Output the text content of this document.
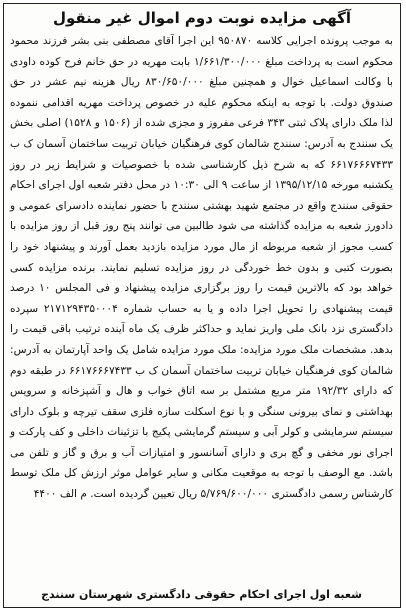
آگهی مزایده نوبت دوم اموال غیر منقول

به موجب پرونده اجرایی کلاسه ۹۵۰۸۷۰ این اجرا آقای مصطفی بنی بشر فرزند محمود محکوم است به پرداخت مبلغ ۱/۶۶۱/۳۰۰/۰۰۰ بابت مهریه در حق خانم فرح کوده داودی با وکالت اسماعیل خوال و همچنین مبلغ ۸۳۰/۶۵۰/۰۰۰ ریال هزینه نیم عشر در حق صندوق دولت. با توجه به اینکه محکوم علیه در خصوص پرداخت مهریه اقدامی ننموده لذا ملک دارای پلاک ثبتی ۳۴۳ فرعی مفروز و مجزی شده از (۱۵۰۶ و ۱۵۲۸) اصلی بخش یک سنندج به آدرس: سنندج شالمان کوی فرهنگیان خیابان تربیت ساختمان آسمان ک ب ۶۶۱۷۶۶۶۷۴۳۳ که به شرح ذیل کارشناسی شده با خصوصیات و شرایط زیر در روز یکشنبه مورخه ۱۳۹۵/۱۲/۱۵ از ساعت ۹ الی ۱۰:۳۰ در محل دفتر شعبه اول اجرای احکام حقوقی سنندج واقع در مجتمع شهید بهشتی سنندج با حضور نماینده دادسرای عمومی و دادورز شعبه به مزایده گذاشته می شود طالبین می توانند پنج روز قبل از روز مزایده با کسب مجوز از شعبه مربوطه از مال مورد مزایده بازدید بعمل آورند و پیشنهاد خود را بصورت کتبی و بدون خط خوردگی در روز مزایده تسلیم نمایند. برنده مزایده کسی خواهد بود که بالاترین قیمت را روز برگزاری مزایده پیشنهاد و فی المجلس ۱۰ درصد قیمت پیشنهادی را تحویل اجرا داده و یا به حساب شماره ۲۱۷۱۲۹۴۳۵۰۰۰۴ سپرده دادگستری نزد بانک ملی واریز نماید و حداکثر ظرف یک ماه آینده ترتیب باقی قیمت را بدهد. مشخصات ملک مورد مزایده: ملک مورد مزایده شامل یک واحد آپارتمان به آدرس: شالمان کوی فرهنگیان خیابان تربیت ساختمان آسمان ک ب ۶۶۱۷۶۶۶۷۴۳۳ در طبقه دوم که دارای ۱۹۲/۳۲ متر مربع مشتمل بر سه اتاق خواب و هال و آشپزخانه و سرویس بهداشتی و نمای بیرونی سنگی و با نوع اسکلت سازه فلزی سقف تیرچه و بلوک دارای سیستم سرمایشی و کولر آبی و سیستم گرمایشی پکیج با تزئینات داخلی و کف پارکت و اجرای نور مخفی و گچ بری و دارای آسانسور و امتیازات آب و برق و گاز و تلفن می باشد. مع الوصف با توجه به موقعیت مکانی و سایر عوامل موثر ارزش کل ملک توسط کارشناس رسمی دادگستری ۵/۷۶۹/۶۰۰/۰۰۰ ریال تعیین گردیده است. م الف ۴۴۰۰

شعبه اول اجرای احکام حقوقی دادگستری شهرستان سنندج
